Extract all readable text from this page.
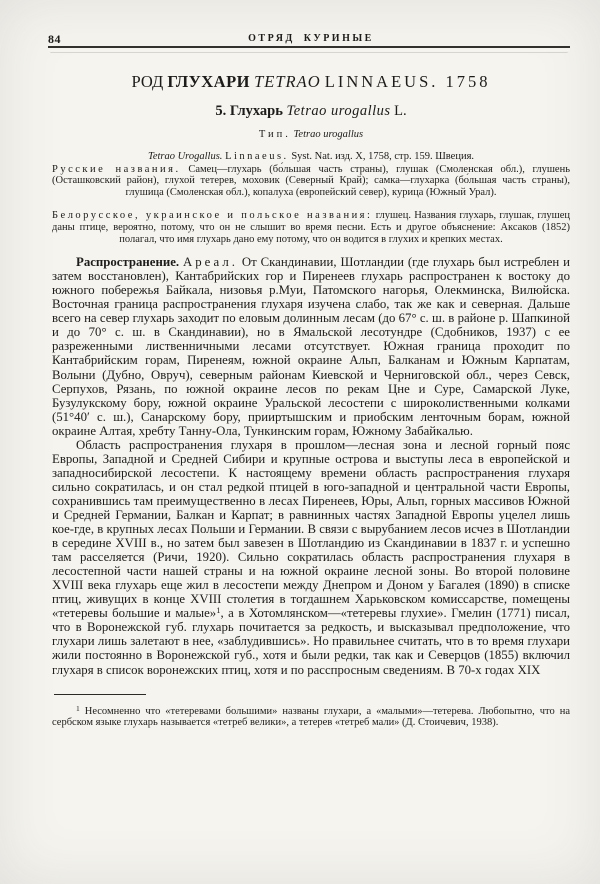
84	ОТРЯД КУРИНЫЕ
РОД ГЛУХАРИ TETRAO LINNAEUS. 1758
5. Глухарь Tetrao urogallus L.
Тип. Tetrao urogallus
Tetrao Urogallus. Linnaeus. Syst. Nat. изд. X, 1758, стр. 159. Швеция.
Русские названия. Самец—глухарь (бо́льшая часть страны), глушак (Смоленская обл.), глушень (Осташковский район), глухой тетерев, моховик (Северный Край); самка—глухарка (бо́льшая часть страны), глушица (Смоленская обл.), копалуха (европейский север), курица (Южный Урал).
Белорусское, украинское и польское названия: глушец. Названия глухарь, глушак, глушец даны птице, вероятно, потому, что он не слышит во время песни. Есть и другое объяснение: Аксаков (1852) полагал, что имя глухарь дано ему потому, что он водится в глухих и крепких местах.

Распространение. Ареал. От Скандинавии, Шотландии (где глухарь был истреблен и затем восстановлен), Кантабрийских гор и Пиренеев глухарь распространен к востоку до южного побережья Байкала, низовья р.Муи, Патомского нагорья, Олекминска, Вилюйска. Восточная граница распространения глухаря изучена слабо, так же как и северная. Дальше всего на север глухарь заходит по еловым долинным лесам (до 67° с. ш. в районе р. Шапкиной и до 70° с. ш. в Скандинавии), но в Ямальской лесотундре (Сдобников, 1937) с ее разреженными лиственничными лесами отсутствует. Южная граница проходит по Кантабрийским горам, Пиренеям, южной окраине Альп, Балканам и Южным Карпатам, Волыни (Дубно, Овруч), северным районам Киевской и Черниговской обл., через Севск, Серпухов, Рязань, по южной окраине лесов по рекам Цне и Суре, Самарской Луке, Бузулукскому бору, южной окраине Уральской лесостепи с широколиственными колками (51°40′ с. ш.), Санарскому бору, прииртышским и приобским ленточным борам, южной окраине Алтая, хребту Танну-Ола, Тункинским горам, Южному Забайкалью.

Область распространения глухаря в прошлом—лесная зона и лесной горный пояс Европы, Западной и Средней Сибири и крупные острова и выступы леса в европейской и западносибирской лесостепи. К настоящему времени область распространения глухаря сильно сократилась, и он стал редкой птицей в юго-западной и центральной части Европы, сохранившись там преимущественно в лесах Пиренеев, Юры, Альп, горных массивов Южной и Средней Германии, Балкан и Карпат; в равнинных частях Западной Европы уцелел лишь кое-где, в крупных лесах Польши и Германии. В связи с вырубанием лесов исчез в Шотландии в середине XVIII в., но затем был завезен в Шотландию из Скандинавии в 1837 г. и успешно там расселяется (Ричи, 1920). Сильно сократилась область распространения глухаря в лесостепной части нашей страны и на южной окраине лесной зоны. Во второй половине XVIII века глухарь еще жил в лесостепи между Днепром и Доном у Багалея (1890) в списке птиц, живущих в конце XVIII столетия в тогдашнем Харьковском комиссарстве, помещены «тетеревы большие и малые»$^1$, а в Хотомлянском—«тетеревы глухие». Гмелин (1771) писал, что в Воронежской губ. глухарь почитается за редкость, и высказывал предположение, что глухари лишь залетают в нее, «заблудившись». Но правильнее считать, что в то время глухари жили постоянно в Воронежской губ., хотя и были редки, так как и Северцов (1855) включил глухаря в список воронежских птиц, хотя и по расспросным сведениям. В 70-х годах XIX

$^1$ Несомненно что «тетеревами большими» названы глухари, а «малыми»—тетерева. Любопытно, что на сербском языке глухарь называется «тетреб велики», а тетерев «тетреб мали» (Д. Стоичевич, 1938).
